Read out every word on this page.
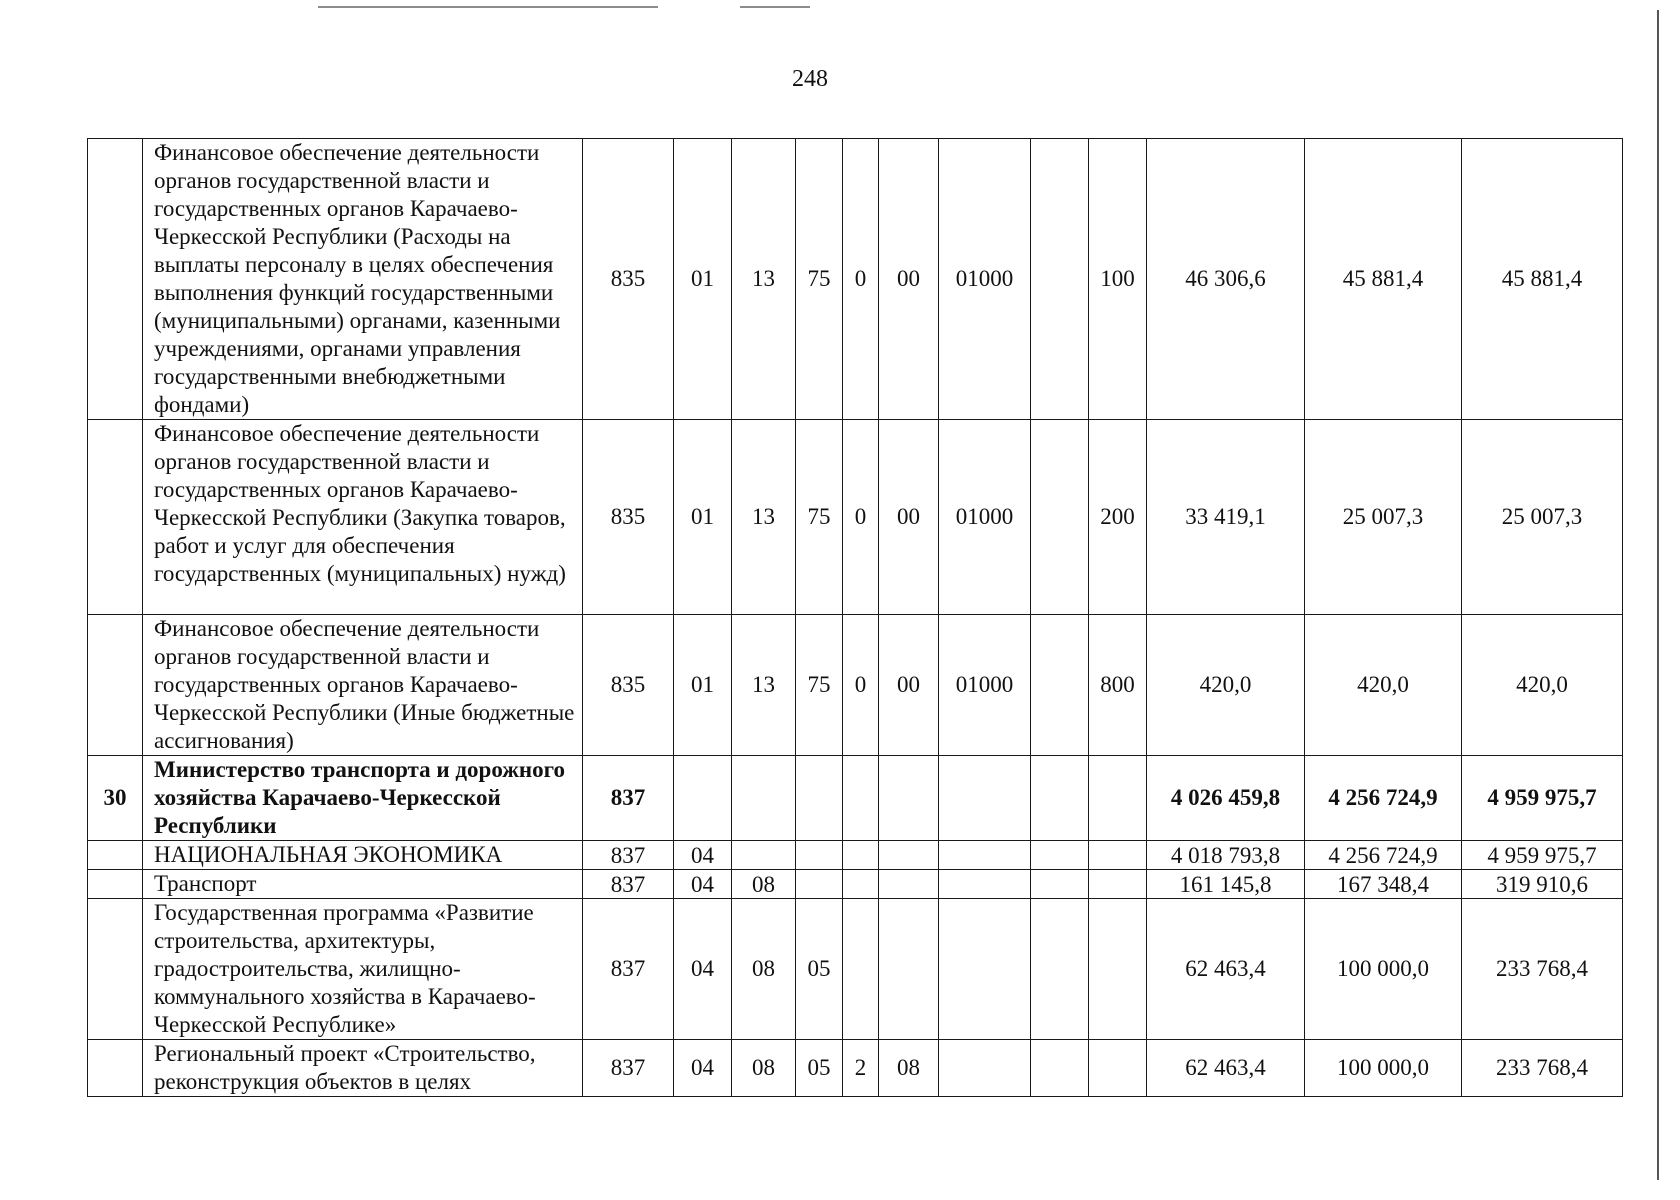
248
	Финансовое обеспечение деятельности органов государственной власти и государственных органов Карачаево-Черкесской Республики (Расходы на выплаты персоналу в целях обеспечения выполнения функций государственными (муниципальными) органами, казенными учреждениями, органами управления государственными внебюджетными фондами)	835	01	13	75	0	00	01000		100	46 306,6	45 881,4	45 881,4
	Финансовое обеспечение деятельности органов государственной власти и государственных органов Карачаево-Черкесской Республики (Закупка товаров, работ и услуг для обеспечения государственных (муниципальных) нужд)	835	01	13	75	0	00	01000		200	33 419,1	25 007,3	25 007,3
	Финансовое обеспечение деятельности органов государственной власти и государственных органов Карачаево-Черкесской Республики (Иные бюджетные ассигнования)	835	01	13	75	0	00	01000		800	420,0	420,0	420,0
30	Министерство транспорта и дорожного хозяйства Карачаево-Черкесской Республики	837									4 026 459,8	4 256 724,9	4 959 975,7
	НАЦИОНАЛЬНАЯ ЭКОНОМИКА	837	04								4 018 793,8	4 256 724,9	4 959 975,7
	Транспорт	837	04	08							161 145,8	167 348,4	319 910,6
	Государственная программа «Развитие строительства, архитектуры, градостроительства, жилищно-коммунального хозяйства в Карачаево-Черкесской Республике»	837	04	08	05						62 463,4	100 000,0	233 768,4
	Региональный проект «Строительство, реконструкция объектов в целях	837	04	08	05	2	08				62 463,4	100 000,0	233 768,4
